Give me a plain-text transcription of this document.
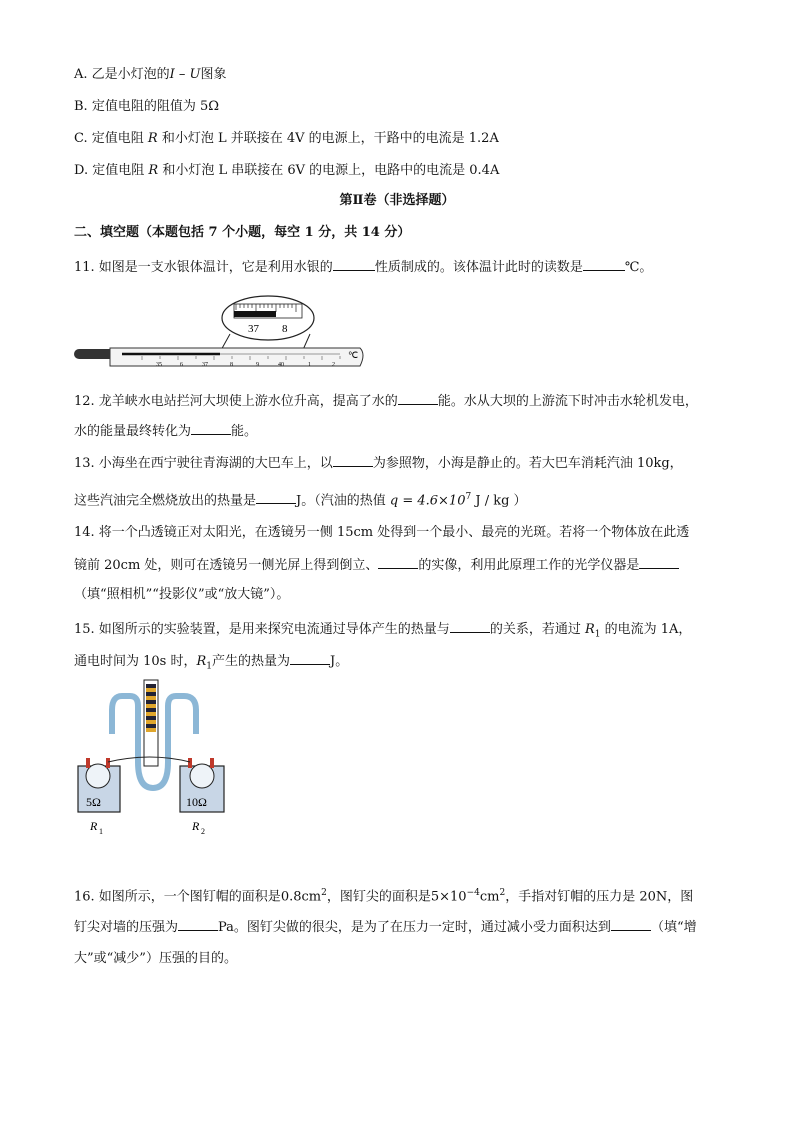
A. 乙是小灯泡的I – U图象
B. 定值电阻的阻值为 5Ω
C. 定值电阻 R 和小灯泡 L 并联接在 4V 的电源上，干路中的电流是 1.2A
D. 定值电阻 R 和小灯泡 L 串联接在 6V 的电源上，电路中的电流是 0.4A
第Ⅱ卷（非选择题）
二、填空题（本题包括 7 个小题，每空 1 分，共 14 分）
11. 如图是一支水银体温计，它是利用水银的	性质制成的。该体温计此时的读数是	℃。
37 8
℃
35	6	37	8	9	40	1	2
12. 龙羊峡水电站拦河大坝使上游水位升高，提高了水的	能。水从大坝的上游流下时冲击水轮机发电，
水的能量最终转化为	能。
13. 小海坐在西宁驶往青海湖的大巴车上，以	为参照物，小海是静止的。若大巴车消耗汽油 10kg，
这些汽油完全燃烧放出的热量是	J。（汽油的热值 $q = 4.6\times 10^7$ J / kg ）
14. 将一个凸透镜正对太阳光，在透镜另一侧 15cm 处得到一个最小、最亮的光斑。若将一个物体放在此透
镜前 20cm 处，则可在透镜另一侧光屏上得到倒立、	的实像，利用此原理工作的光学仪器是
（填“照相机”“投影仪”或“放大镜”）。
15. 如图所示的实验装置，是用来探究电流通过导体产生的热量与	的关系，若通过 $R_1$ 的电流为 1A，
通电时间为 10s 时，$R_1$产生的热量为	J。
5Ω	10Ω
R 1	R 2
16. 如图所示，一个图钉帽的面积是$0.8cm^2$，图钉尖的面积是$5\times 10^{-4}cm^2$，手指对钉帽的压力是 20N，图
钉尖对墙的压强为	Pa。图钉尖做的很尖，是为了在压力一定时，通过减小受力面积达到	（填“增
大”或“减少”）压强的目的。
